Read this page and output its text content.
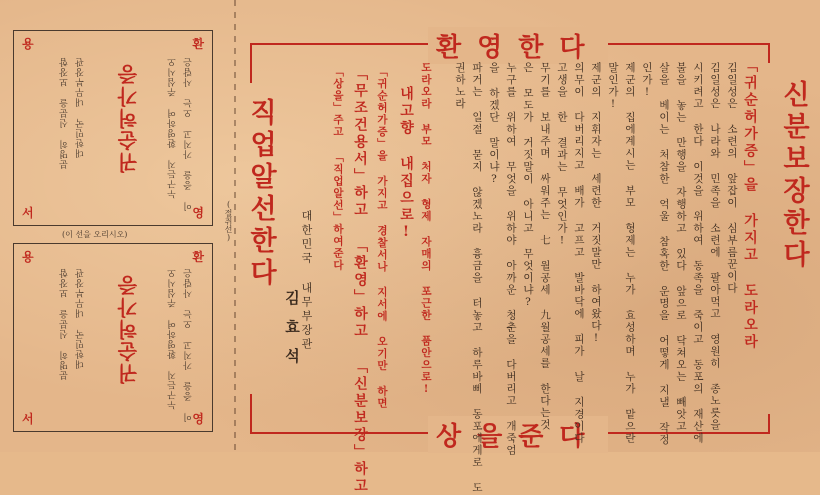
용	환
서	영
이 증을 가지고 오는 사람은
누구든지 환영하여 주십시오
귀순허가증
대한민국 내무부장관
분명히 신분을 보장함
(이 선을 오리시오)	(절취선)
용	환
서	영
이 증을 가지고 오는 사람은
누구든지 환영하여 주십시오
귀순허가증
대한민국 내무부장관
분명히 신분을 보장함
환영한다
상을준다
신분보장한다
직업알선한다	「귀순허가증」을 가지고 도라오라
김일성은 소련의 앞잡이 심부름꾼이다
김일성은 나라와 민족을 소련에 팔아먹고 영원히 종노릇을
시키려고 한다 이것을 위하여 동족을 죽이고 동포의 재산에
불을 놓는 만행을 자행하고 있다 앞으로 닥쳐오는 빼앗고
살을 베이는 처참한 억울 참혹한 운명을 어떻게 지낼 작정
인가!
제군의 집에계시는 부모 형제는 누가 효성하며 누가 맡으란
말인가!
제군의 지휘자는 세련한 거짓말만 하여왔다!
의무이 다버리지고 배가 고프고 발바닥에 피가 날 지경이다
고생을 한 결과는 무엇인가!
무기를 보내주며 싸워주는 七 월공세 九월공세를 한다는것
은 모도가 거짓말이 아니고 무엇이냐?
누구를 위하여 무엇을 위하야 아까운 청춘을 다버리고 개죽엄
을 하겠단 말이냐?
파거는 일절 묻지 않겠노라 흉금을 터놓고 하루바삐 동포에게로 도
권하노라
도라오라 부모 처자 형제 자매의 포근한 품안으로!
내고향 내집으로!
「귀순허가증」을 가지고 경찰서나 지서에 오기만 하면
「무조건용서」하고 「환영」하고 「신분보장」하고
「상을」주고 「직업알선」하여준다
대한민국 내무부장관
김효석
